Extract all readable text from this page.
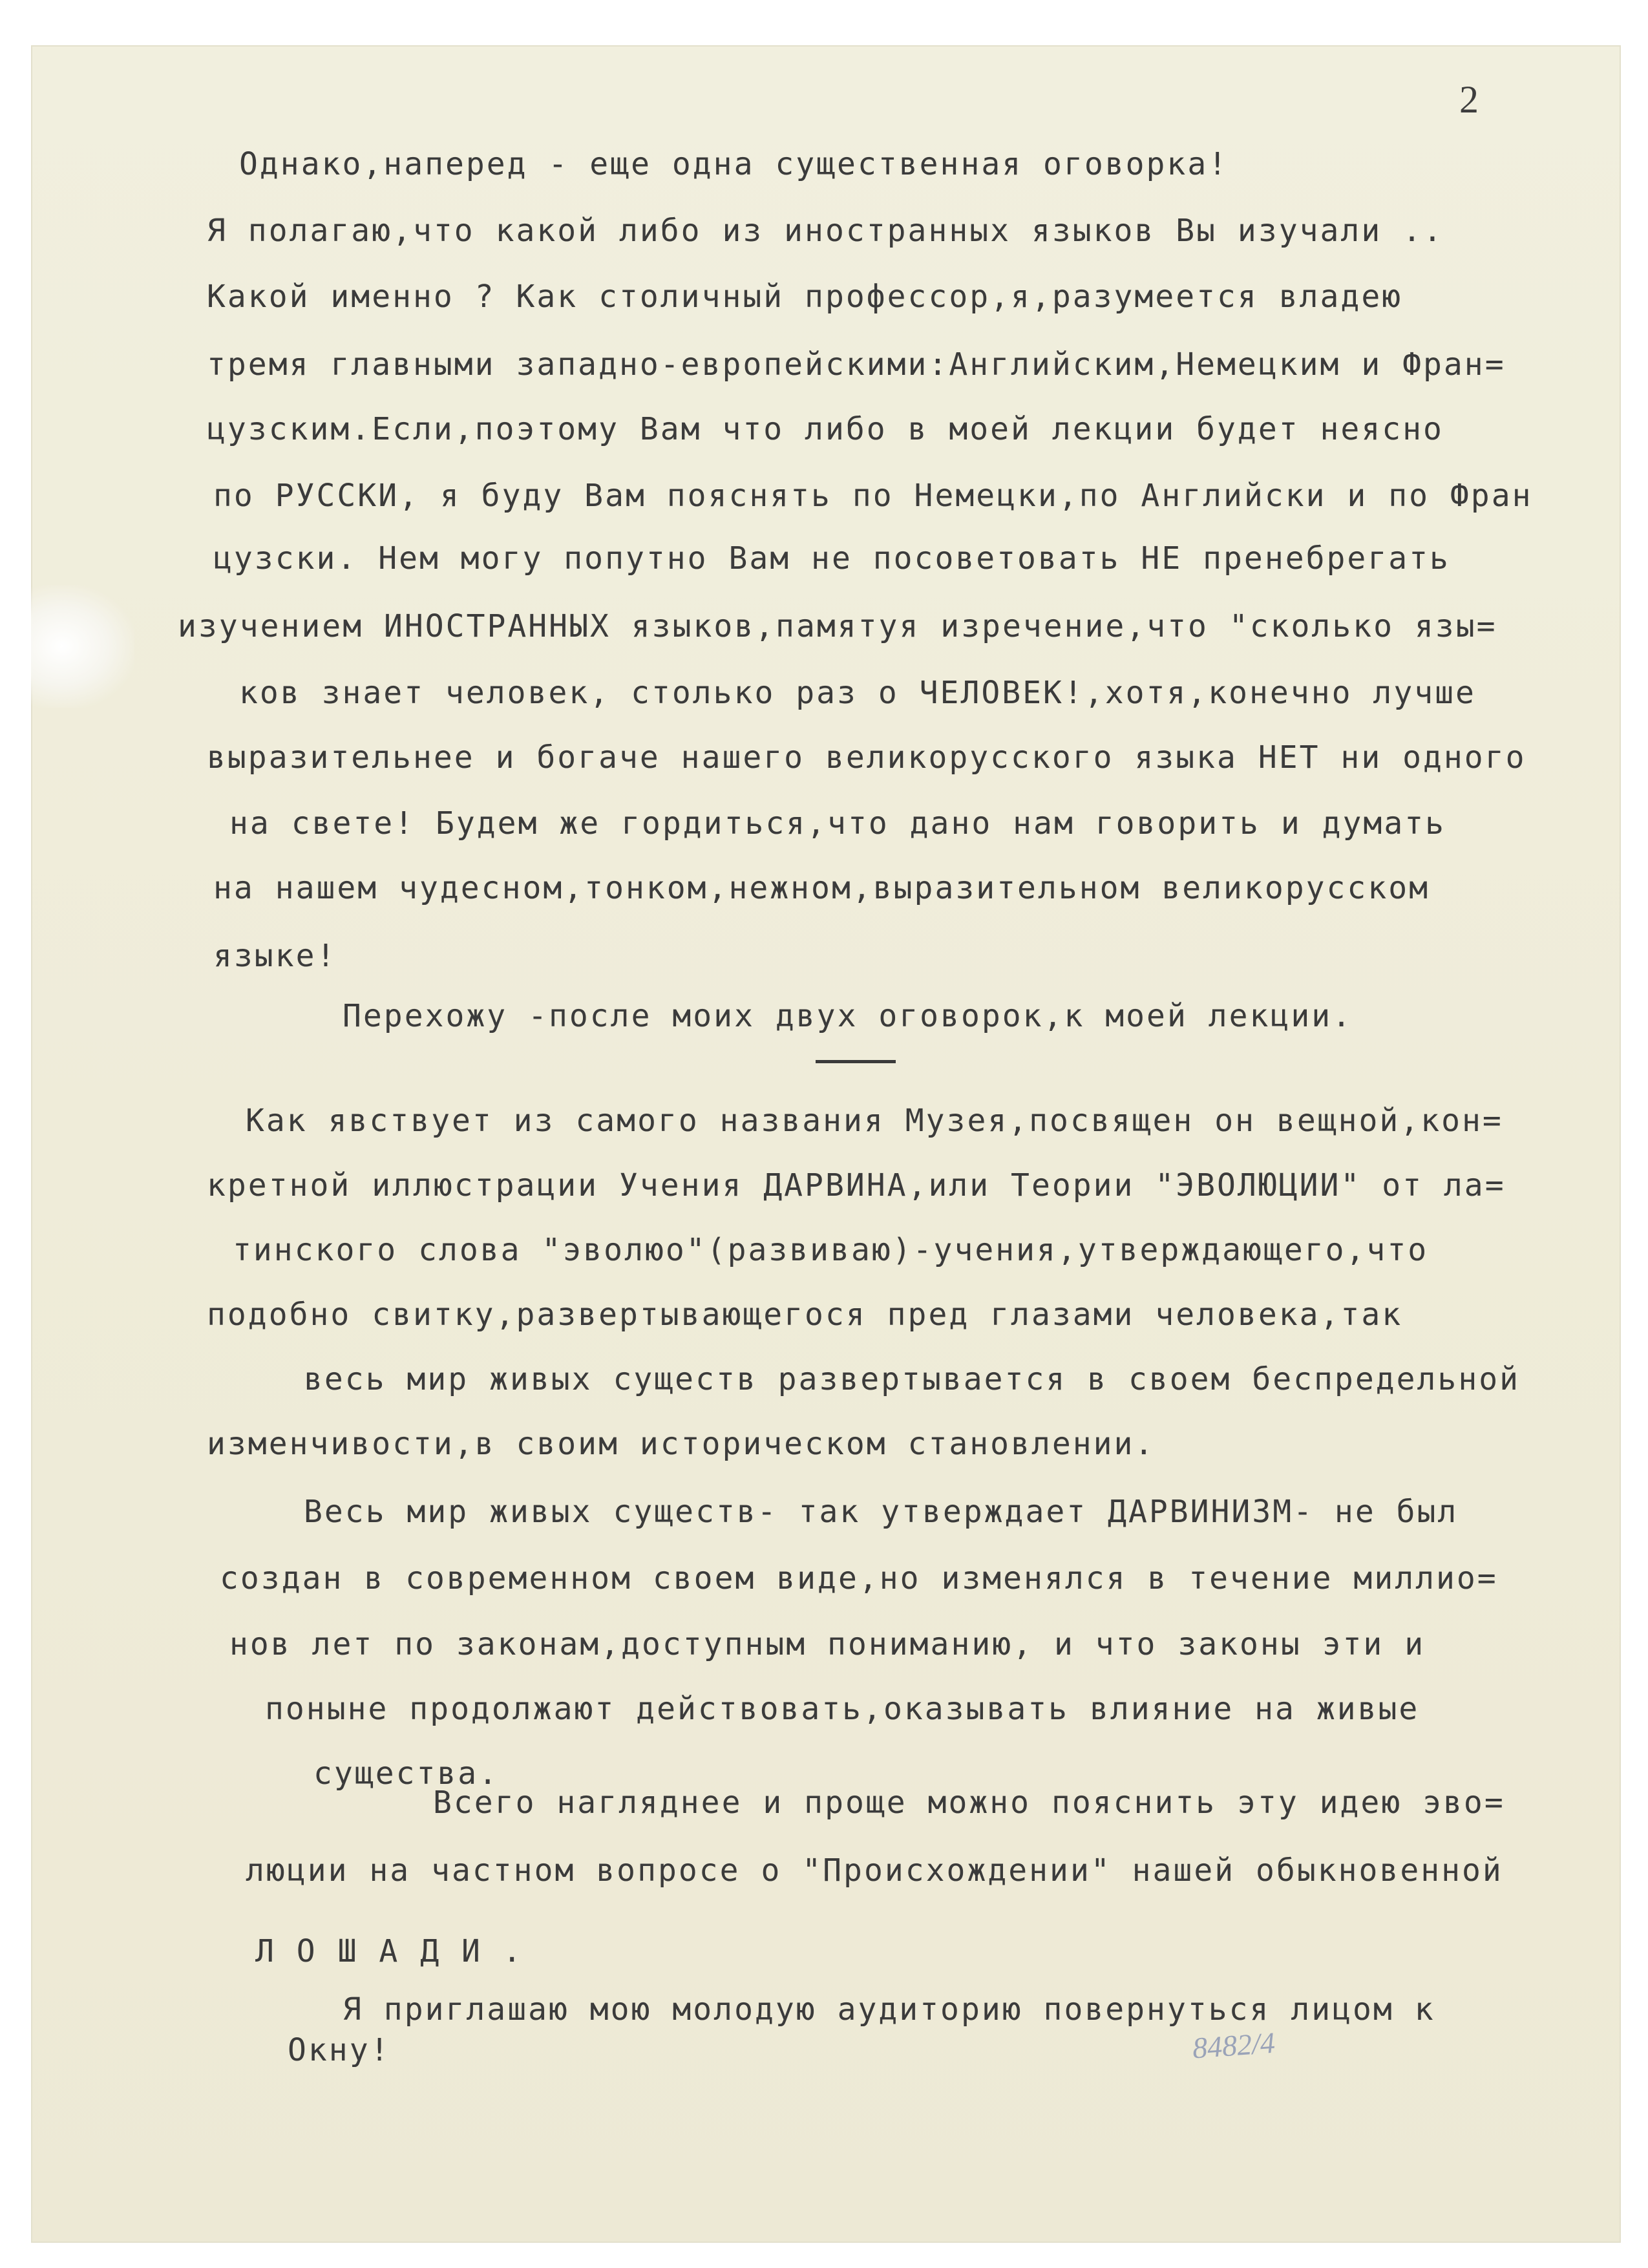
2
Однако,наперед - еще одна существенная оговорка!
Я полагаю,что какой либо из иностранных языков Вы изучали ..
Какой именно ? Как столичный профессор,я,разумеется владею
тремя главными западно-европейскими:Английским,Немецким и Фран=
цузским.Если,поэтому Вам что либо в моей лекции будет неясно
по РУССКИ, я буду Вам пояснять по Немецки,по Английски и по Фран
цузски. Нем могу попутно Вам не посоветовать НЕ пренебрегать
изучением ИНОСТРАННЫХ языков,памятуя изречение,что "сколько язы=
ков знает человек, столько раз о ЧЕЛОВЕК!,хотя,конечно лучше
выразительнее и богаче нашего великорусского языка НЕТ ни одного
на свете! Будем же гордиться,что дано нам говорить и думать
на нашем чудесном,тонком,нежном,выразительном великорусском
языке!
Перехожу -после моих двух оговорок,к моей лекции.
Как явствует из самого названия Музея,посвящен он вещной,кон=
кретной иллюстрации Учения ДАРВИНА,или Теории "ЭВОЛЮЦИИ" от ла=
тинского слова "эволюо"(развиваю)-учения,утверждающего,что
подобно свитку,развертывающегося пред глазами человека,так
весь мир живых существ развертывается в своем беспредельной
изменчивости,в своим историческом становлении.
Весь мир живых существ- так утверждает ДАРВИНИЗМ- не был
создан в современном своем виде,но изменялся в течение миллио=
нов лет по законам,доступным пониманию, и что законы эти и
поныне продолжают действовать,оказывать влияние на живые
существа.
Всего нагляднее и проще можно пояснить эту идею эво=
люции на частном вопросе о "Происхождении" нашей обыкновенной
Л О Ш А Д И .
Я приглашаю мою молодую аудиторию повернуться лицом к
Окну!	8482/4
